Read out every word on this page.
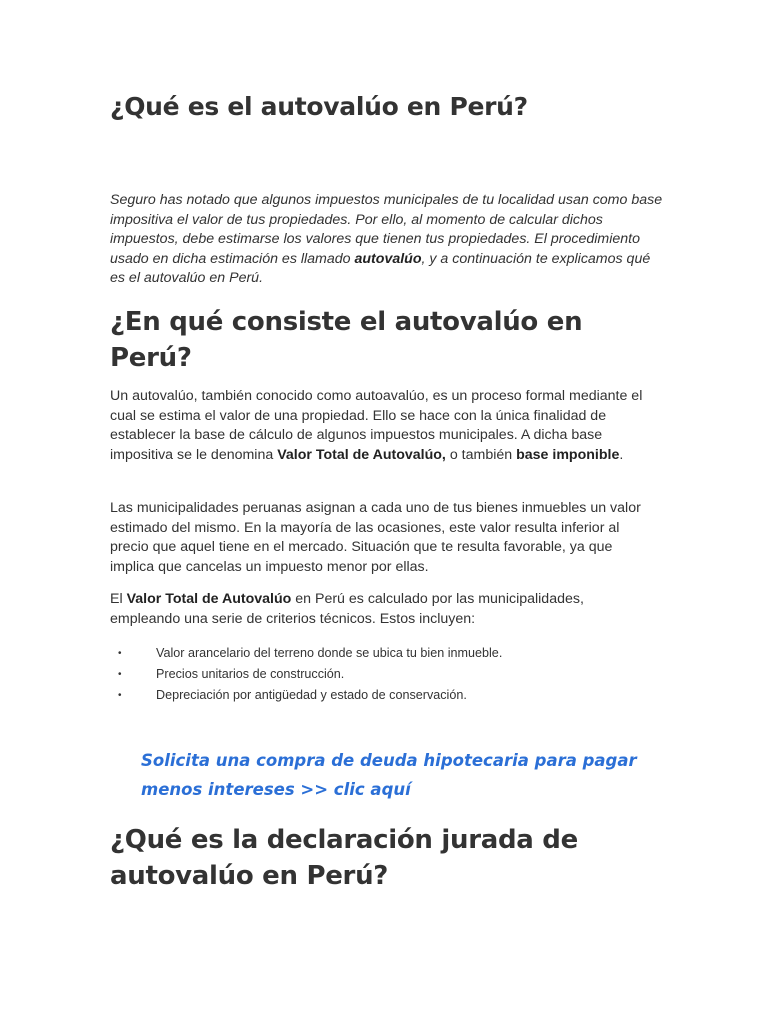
¿Qué es el autovalúo en Perú?

Seguro has notado que algunos impuestos municipales de tu localidad usan como base impositiva el valor de tus propiedades. Por ello, al momento de calcular dichos impuestos, debe estimarse los valores que tienen tus propiedades. El procedimiento usado en dicha estimación es llamado autovalúo, y a continuación te explicamos qué es el autovalúo en Perú.

¿En qué consiste el autovalúo en Perú?

Un autovalúo, también conocido como autoavalúo, es un proceso formal mediante el cual se estima el valor de una propiedad. Ello se hace con la única finalidad de establecer la base de cálculo de algunos impuestos municipales. A dicha base impositiva se le denomina Valor Total de Autovalúo, o también base imponible.

Las municipalidades peruanas asignan a cada uno de tus bienes inmuebles un valor estimado del mismo. En la mayoría de las ocasiones, este valor resulta inferior al precio que aquel tiene en el mercado. Situación que te resulta favorable, ya que implica que cancelas un impuesto menor por ellas.

El Valor Total de Autovalúo en Perú es calculado por las municipalidades, empleando una serie de criterios técnicos. Estos incluyen:

•	Valor arancelario del terreno donde se ubica tu bien inmueble.
•	Precios unitarios de construcción.
•	Depreciación por antigüedad y estado de conservación.
Solicita una compra de deuda hipotecaria para pagar menos intereses >> clic aquí
¿Qué es la declaración jurada de autovalúo en Perú?
